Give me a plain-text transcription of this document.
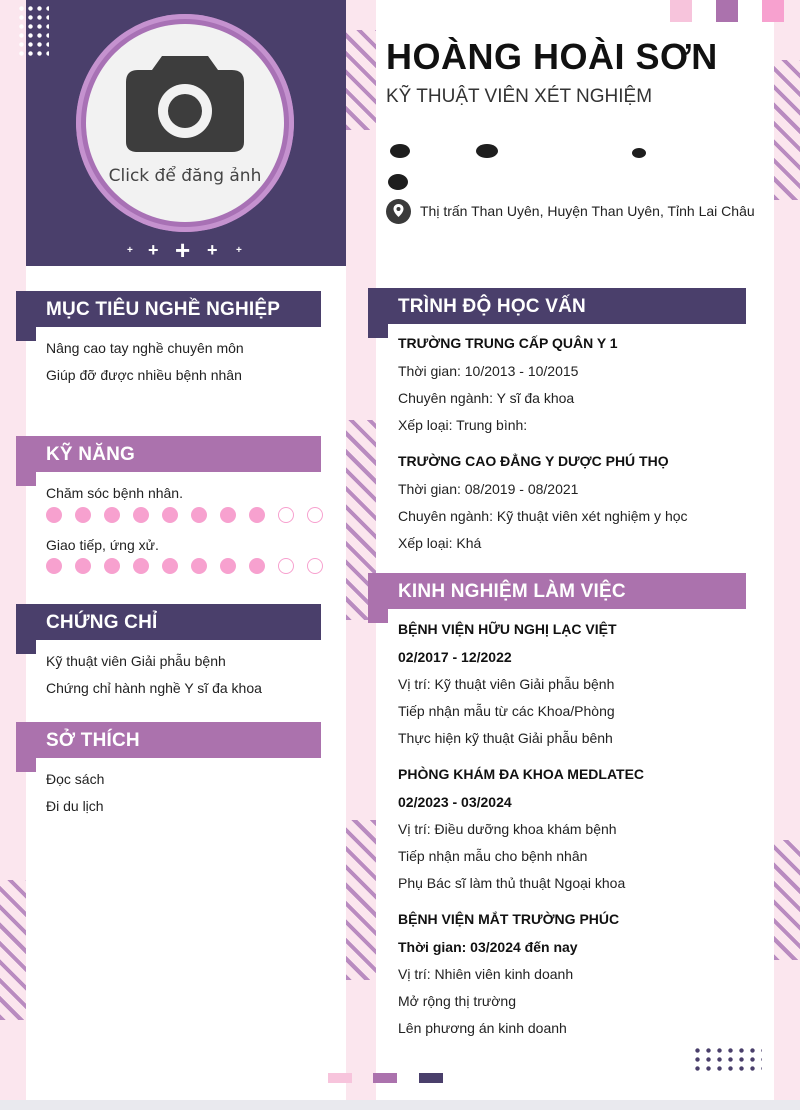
Click để đăng ảnh
+ + + + +
HOÀNG HOÀI SƠN
KỸ THUẬT VIÊN XÉT NGHIỆM
Thị trấn Than Uyên, Huyện Than Uyên, Tỉnh Lai Châu
MỤC TIÊU NGHỀ NGHIỆP
Nâng cao tay nghề chuyên môn
Giúp đỡ được nhiều bệnh nhân
KỸ NĂNG
Chăm sóc bệnh nhân.
Giao tiếp, ứng xử.
CHỨNG CHỈ
Kỹ thuật viên Giải phẫu bệnh
Chứng chỉ hành nghề Y sĩ đa khoa
SỞ THÍCH
Đọc sách
Đi du lịch
TRÌNH ĐỘ HỌC VẤN
TRƯỜNG TRUNG CẤP QUÂN Y 1
Thời gian: 10/2013 - 10/2015
Chuyên ngành: Y sĩ đa khoa
Xếp loại: Trung bình:
TRƯỜNG CAO ĐẲNG Y DƯỢC PHÚ THỌ
Thời gian: 08/2019 - 08/2021
Chuyên ngành: Kỹ thuật viên xét nghiệm y học
Xếp loại: Khá
KINH NGHIỆM LÀM VIỆC
BỆNH VIỆN HỮU NGHỊ LẠC VIỆT
02/2017 - 12/2022
Vị trí: Kỹ thuật viên Giải phẫu bệnh
Tiếp nhận mẫu từ các Khoa/Phòng
Thực hiện kỹ thuật Giải phẫu bênh
PHÒNG KHÁM ĐA KHOA MEDLATEC
02/2023 - 03/2024
Vị trí: Điều dưỡng khoa khám bệnh
Tiếp nhận mẫu cho bệnh nhân
Phụ Bác sĩ làm thủ thuật Ngoại khoa
BỆNH VIỆN MẮT TRƯỜNG PHÚC
Thời gian: 03/2024 đến nay
Vị trí: Nhiên viên kinh doanh
Mở rộng thị trường
Lên phương án kinh doanh
